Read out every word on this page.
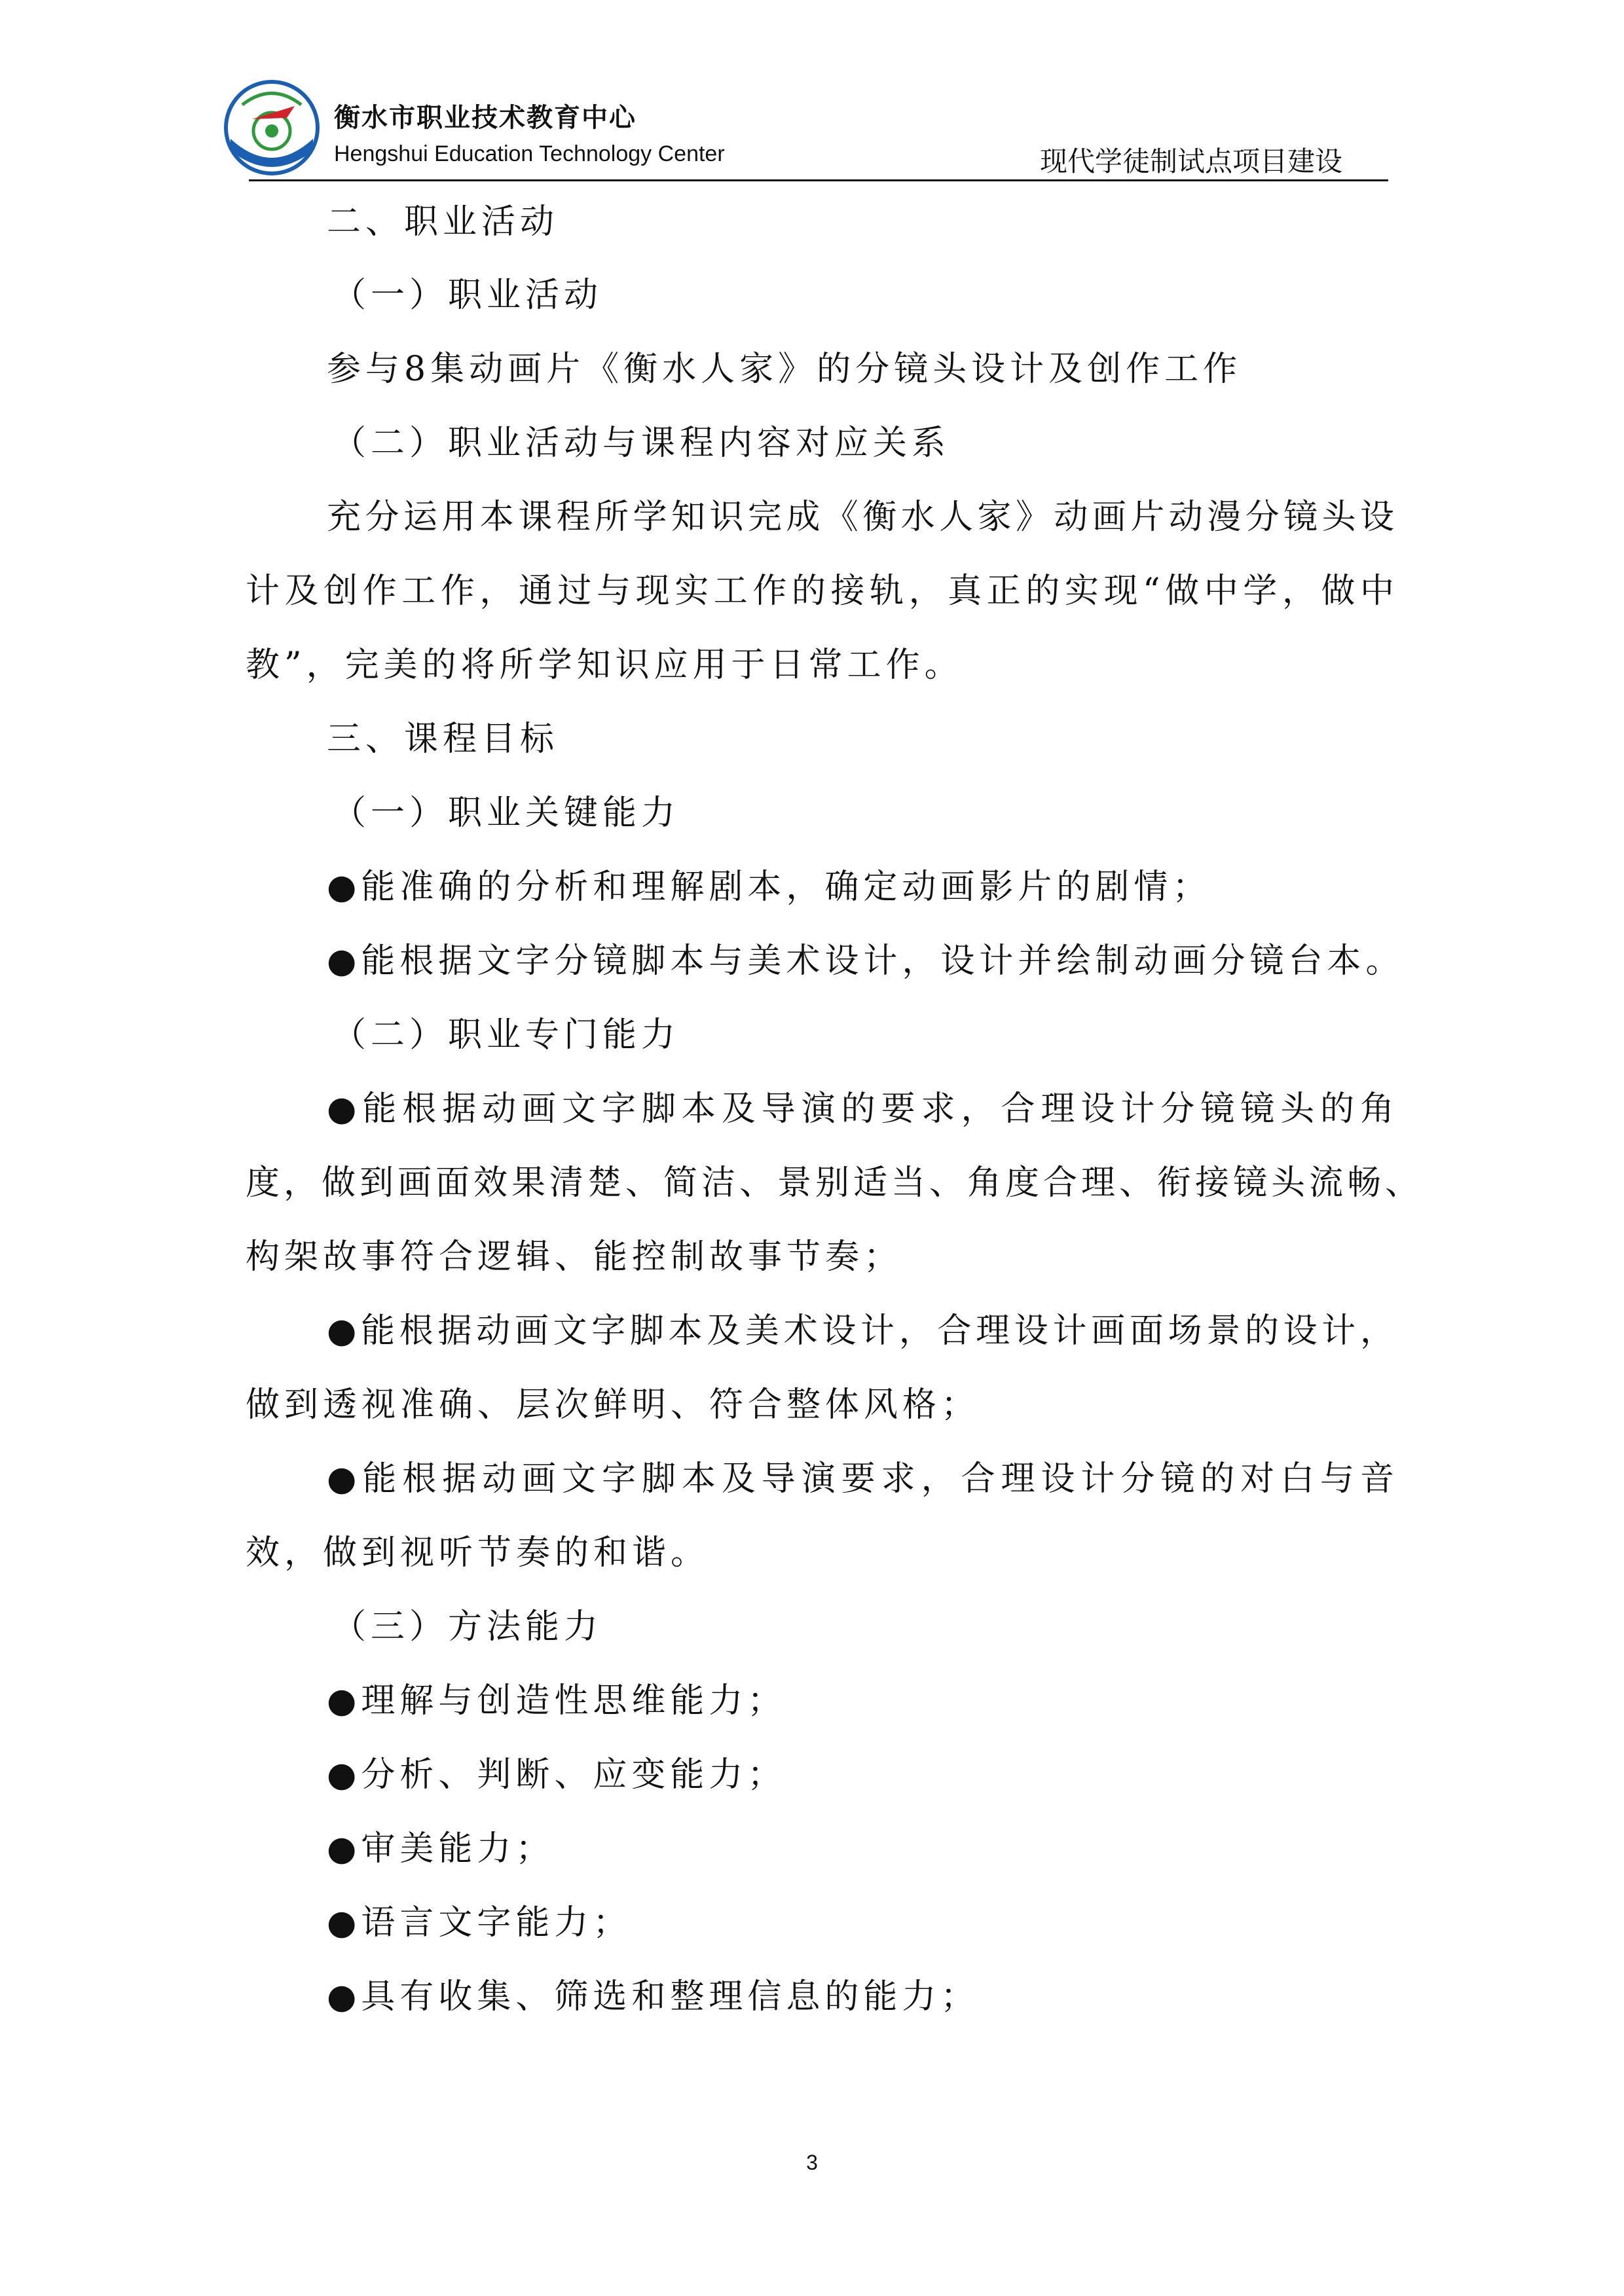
衡水市职业技术教育中心
Hengshui Education Technology Center	现代学徒制试点项目建设
二、职业活动
（一）职业活动
参与8集动画片《衡水人家》的分镜头设计及创作工作
（二）职业活动与课程内容对应关系
充分运用本课程所学知识完成《衡水人家》动画片动漫分镜头设
计及创作工作，通过与现实工作的接轨，真正的实现“做中学，做中
教”，完美的将所学知识应用于日常工作。
三、课程目标
（一）职业关键能力
●能准确的分析和理解剧本，确定动画影片的剧情；
●能根据文字分镜脚本与美术设计，设计并绘制动画分镜台本。
（二）职业专门能力
●能根据动画文字脚本及导演的要求，合理设计分镜镜头的角
度，做到画面效果清楚、简洁、景别适当、角度合理、衔接镜头流畅、
构架故事符合逻辑、能控制故事节奏；
●能根据动画文字脚本及美术设计，合理设计画面场景的设计，
做到透视准确、层次鲜明、符合整体风格；
●能根据动画文字脚本及导演要求，合理设计分镜的对白与音
效，做到视听节奏的和谐。
（三）方法能力
●理解与创造性思维能力；
●分析、判断、应变能力；
●审美能力；
●语言文字能力；
●具有收集、筛选和整理信息的能力；
3
